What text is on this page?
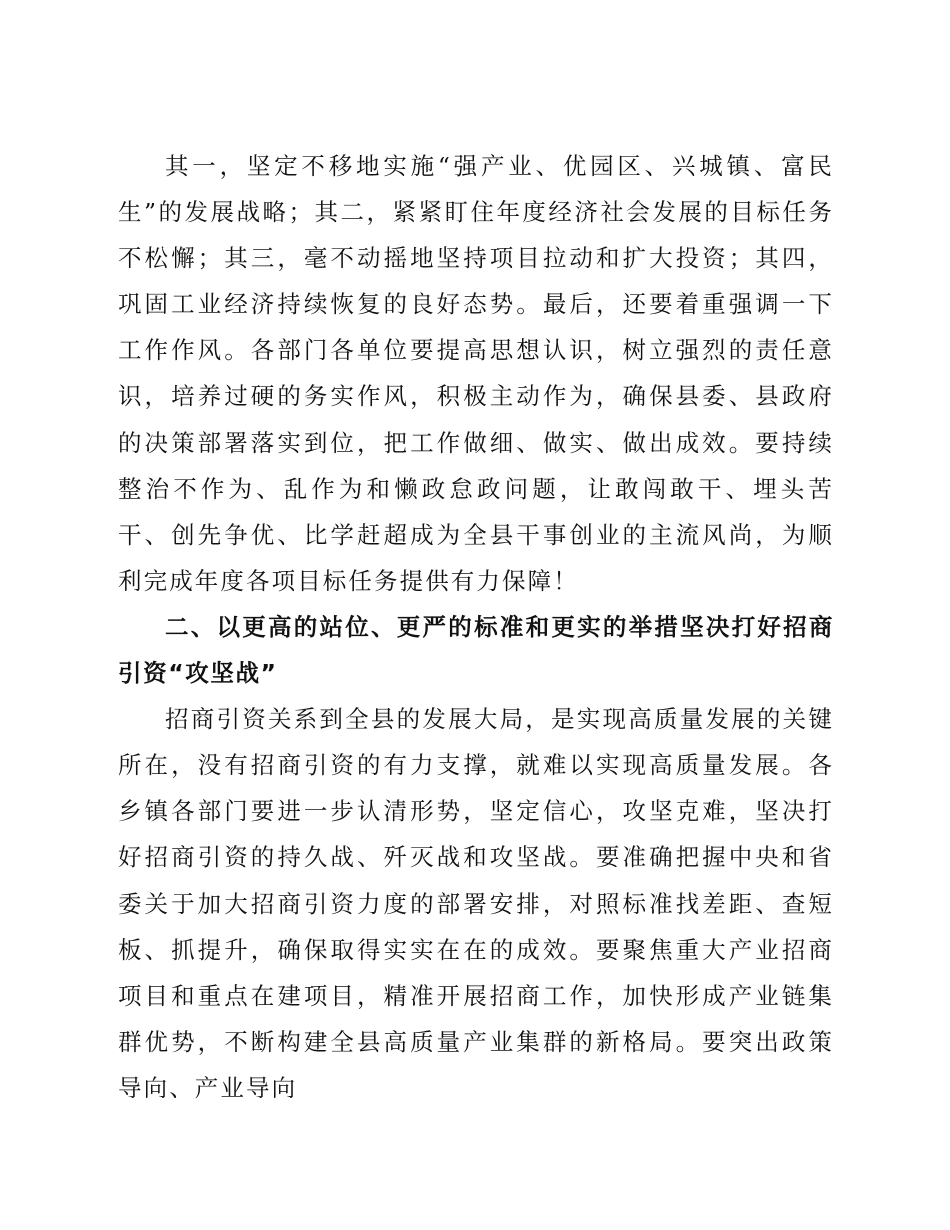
其一，坚定不移地实施“强产业、优园区、兴城镇、富民生”的发展战略；其二，紧紧盯住年度经济社会发展的目标任务不松懈；其三，毫不动摇地坚持项目拉动和扩大投资；其四，巩固工业经济持续恢复的良好态势。最后，还要着重强调一下工作作风。各部门各单位要提高思想认识，树立强烈的责任意识，培养过硬的务实作风，积极主动作为，确保县委、县政府的决策部署落实到位，把工作做细、做实、做出成效。要持续整治不作为、乱作为和懒政怠政问题，让敢闯敢干、埋头苦干、创先争优、比学赶超成为全县干事创业的主流风尚，为顺利完成年度各项目标任务提供有力保障！

二、以更高的站位、更严的标准和更实的举措坚决打好招商引资“攻坚战”

招商引资关系到全县的发展大局，是实现高质量发展的关键所在，没有招商引资的有力支撑，就难以实现高质量发展。各乡镇各部门要进一步认清形势，坚定信心，攻坚克难，坚决打好招商引资的持久战、歼灭战和攻坚战。要准确把握中央和省委关于加大招商引资力度的部署安排，对照标准找差距、查短板、抓提升，确保取得实实在在的成效。要聚焦重大产业招商项目和重点在建项目，精准开展招商工作，加快形成产业链集群优势，不断构建全县高质量产业集群的新格局。要突出政策导向、产业导向
